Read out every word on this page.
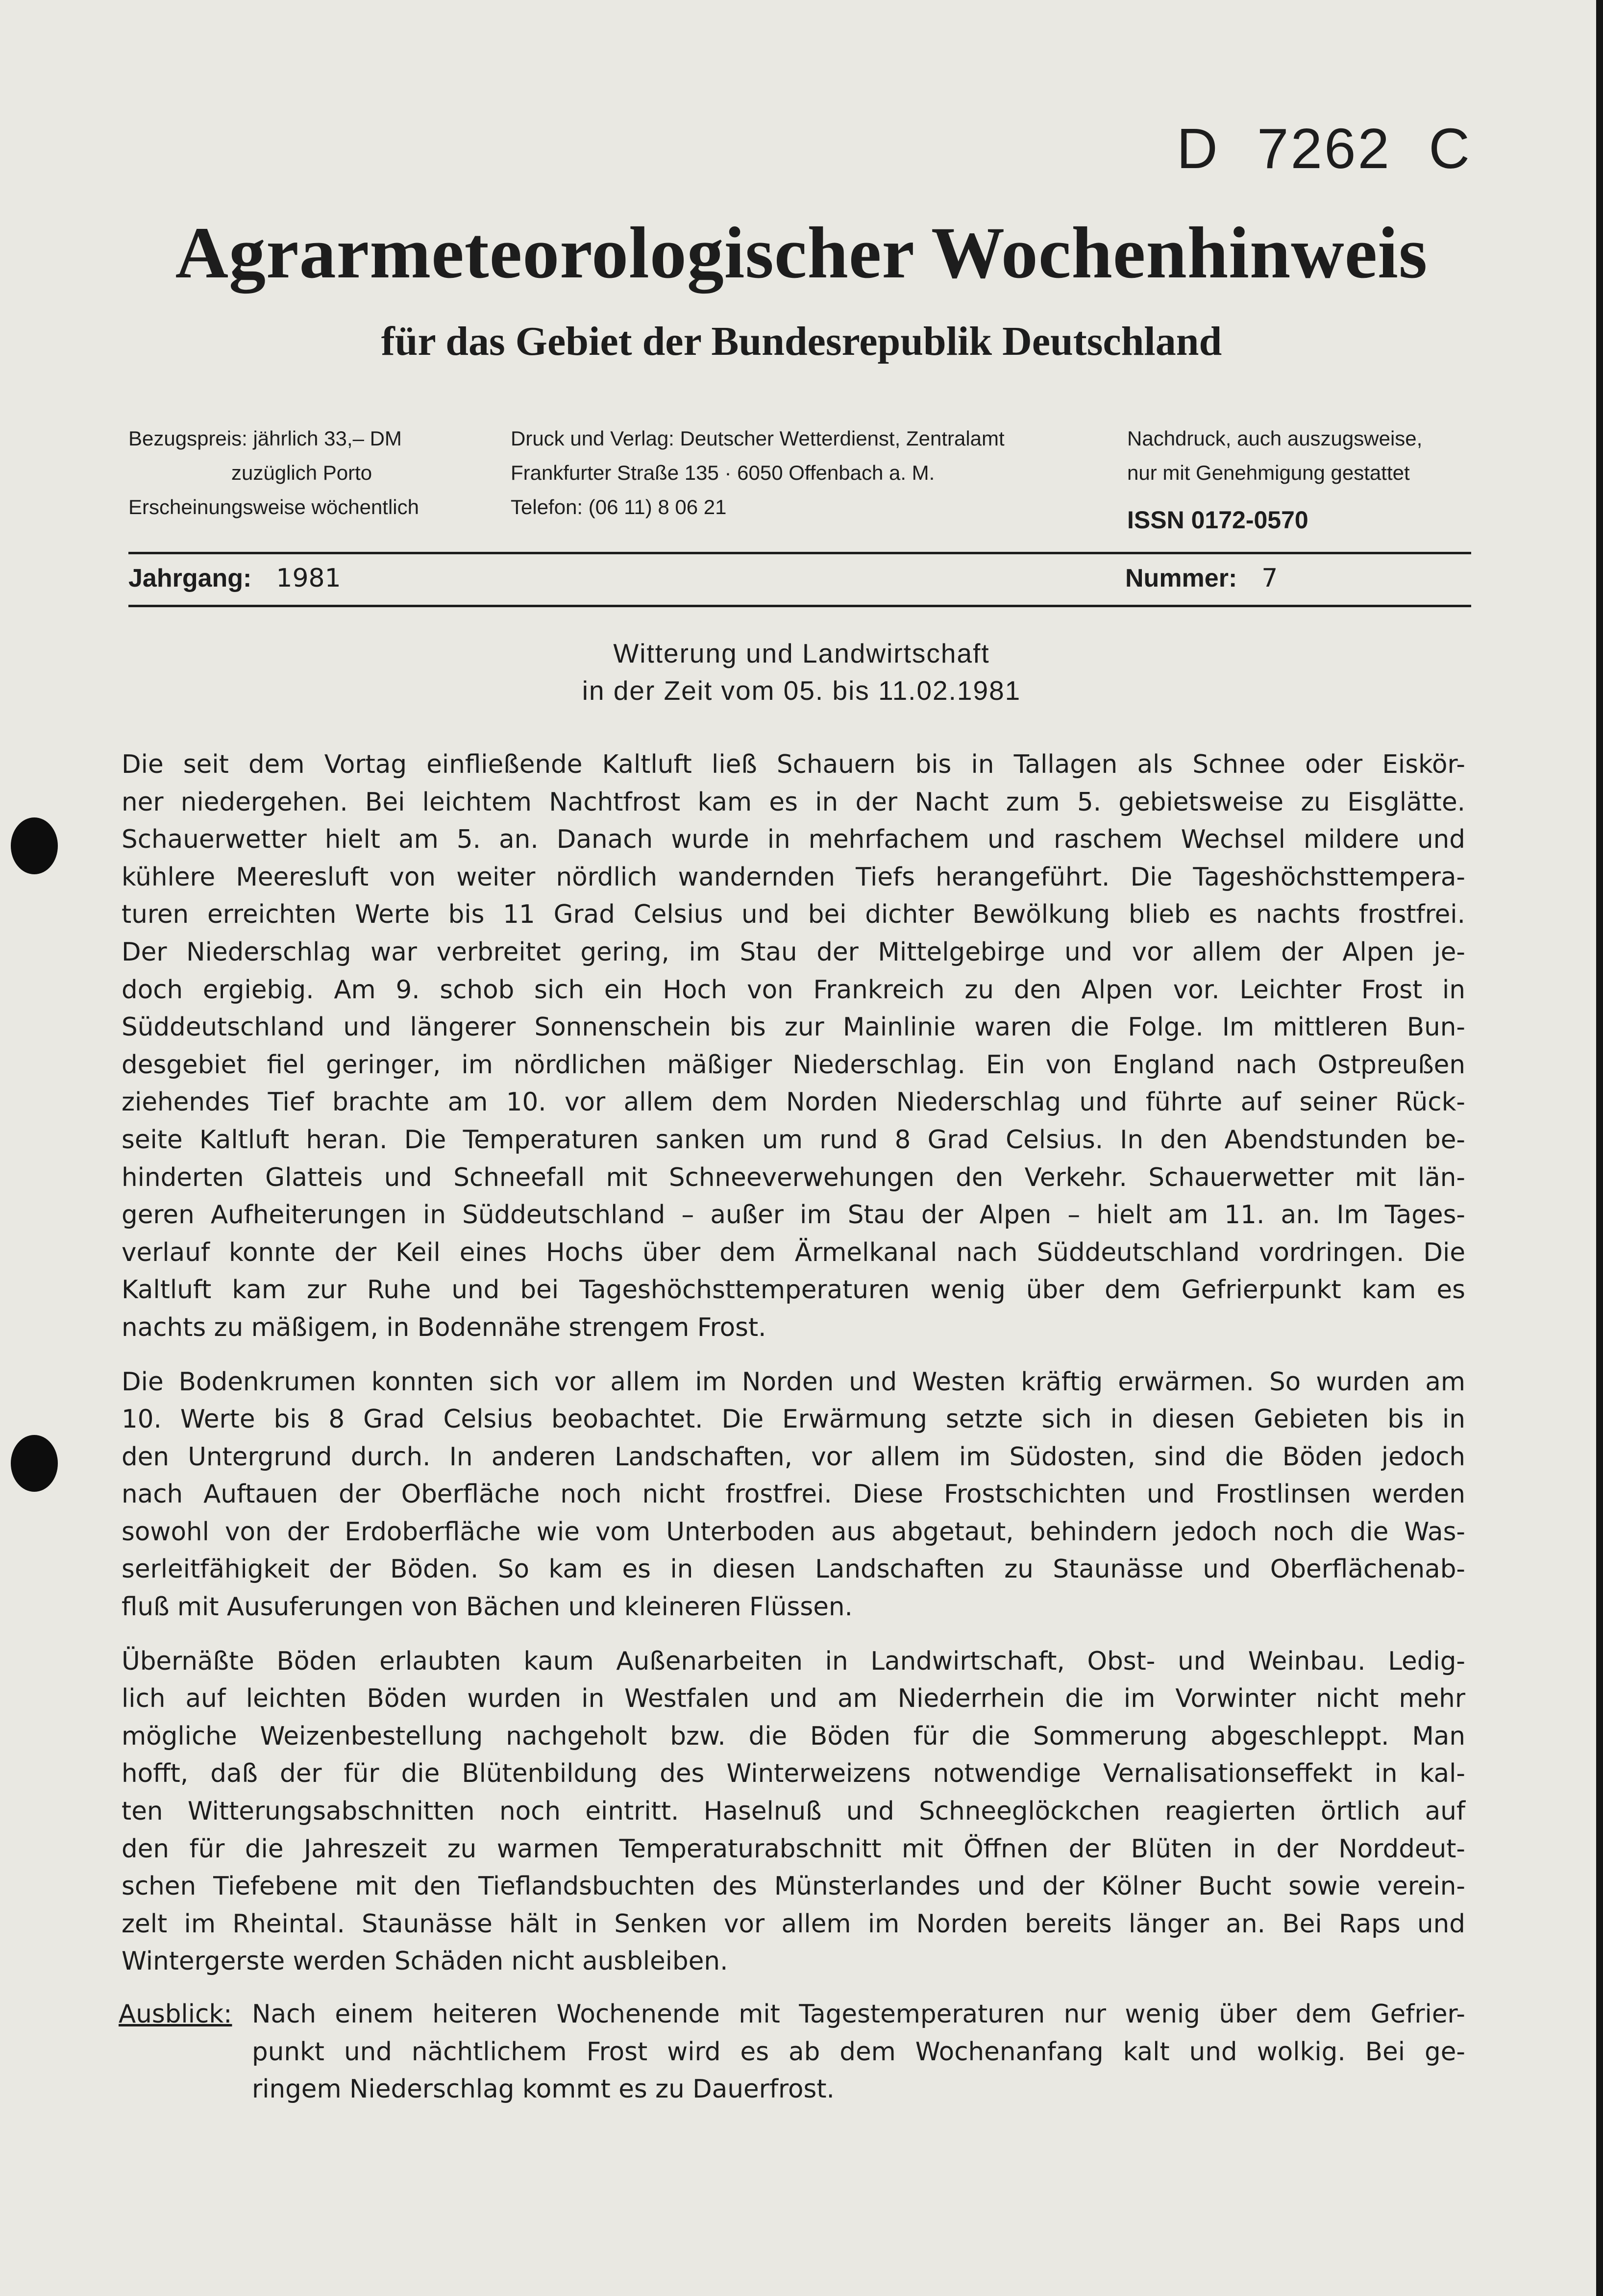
D 7262 C
Agrarmeteorologischer Wochenhinweis
für das Gebiet der Bundesrepublik Deutschland
Bezugspreis: jährlich 33,– DM
zuzüglich Porto
Erscheinungsweise wöchentlich
Druck und Verlag: Deutscher Wetterdienst, Zentralamt
Frankfurter Straße 135 · 6050 Offenbach a. M.
Telefon: (06 11) 8 06 21
Nachdruck, auch auszugsweise,
nur mit Genehmigung gestattet
ISSN 0172-0570
Jahrgang: 1981	Nummer: 7
Witterung und Landwirtschaft
in der Zeit vom 05. bis 11.02.1981

Die seit dem Vortag einfließende Kaltluft ließ Schauern bis in Tallagen als Schnee oder Eiskör-
ner niedergehen. Bei leichtem Nachtfrost kam es in der Nacht zum 5. gebietsweise zu Eisglätte.
Schauerwetter hielt am 5. an. Danach wurde in mehrfachem und raschem Wechsel mildere und
kühlere Meeresluft von weiter nördlich wandernden Tiefs herangeführt. Die Tageshöchsttempera-
turen erreichten Werte bis 11 Grad Celsius und bei dichter Bewölkung blieb es nachts frostfrei.
Der Niederschlag war verbreitet gering, im Stau der Mittelgebirge und vor allem der Alpen je-
doch ergiebig. Am 9. schob sich ein Hoch von Frankreich zu den Alpen vor. Leichter Frost in
Süddeutschland und längerer Sonnenschein bis zur Mainlinie waren die Folge. Im mittleren Bun-
desgebiet fiel geringer, im nördlichen mäßiger Niederschlag. Ein von England nach Ostpreußen
ziehendes Tief brachte am 10. vor allem dem Norden Niederschlag und führte auf seiner Rück-
seite Kaltluft heran. Die Temperaturen sanken um rund 8 Grad Celsius. In den Abendstunden be-
hinderten Glatteis und Schneefall mit Schneeverwehungen den Verkehr. Schauerwetter mit län-
geren Aufheiterungen in Süddeutschland – außer im Stau der Alpen – hielt am 11. an. Im Tages-
verlauf konnte der Keil eines Hochs über dem Ärmelkanal nach Süddeutschland vordringen. Die
Kaltluft kam zur Ruhe und bei Tageshöchsttemperaturen wenig über dem Gefrierpunkt kam es
nachts zu mäßigem, in Bodennähe strengem Frost.

Die Bodenkrumen konnten sich vor allem im Norden und Westen kräftig erwärmen. So wurden am
10. Werte bis 8 Grad Celsius beobachtet. Die Erwärmung setzte sich in diesen Gebieten bis in
den Untergrund durch. In anderen Landschaften, vor allem im Südosten, sind die Böden jedoch
nach Auftauen der Oberfläche noch nicht frostfrei. Diese Frostschichten und Frostlinsen werden
sowohl von der Erdoberfläche wie vom Unterboden aus abgetaut, behindern jedoch noch die Was-
serleitfähigkeit der Böden. So kam es in diesen Landschaften zu Staunässe und Oberflächenab-
fluß mit Ausuferungen von Bächen und kleineren Flüssen.

Übernäßte Böden erlaubten kaum Außenarbeiten in Landwirtschaft, Obst- und Weinbau. Ledig-
lich auf leichten Böden wurden in Westfalen und am Niederrhein die im Vorwinter nicht mehr
mögliche Weizenbestellung nachgeholt bzw. die Böden für die Sommerung abgeschleppt. Man
hofft, daß der für die Blütenbildung des Winterweizens notwendige Vernalisationseffekt in kal-
ten Witterungsabschnitten noch eintritt. Haselnuß und Schneeglöckchen reagierten örtlich auf
den für die Jahreszeit zu warmen Temperaturabschnitt mit Öffnen der Blüten in der Norddeut-
schen Tiefebene mit den Tieflandsbuchten des Münsterlandes und der Kölner Bucht sowie verein-
zelt im Rheintal. Staunässe hält in Senken vor allem im Norden bereits länger an. Bei Raps und
Wintergerste werden Schäden nicht ausbleiben.

Ausblick: Nach einem heiteren Wochenende mit Tagestemperaturen nur wenig über dem Gefrier-
punkt und nächtlichem Frost wird es ab dem Wochenanfang kalt und wolkig. Bei ge-
ringem Niederschlag kommt es zu Dauerfrost.
